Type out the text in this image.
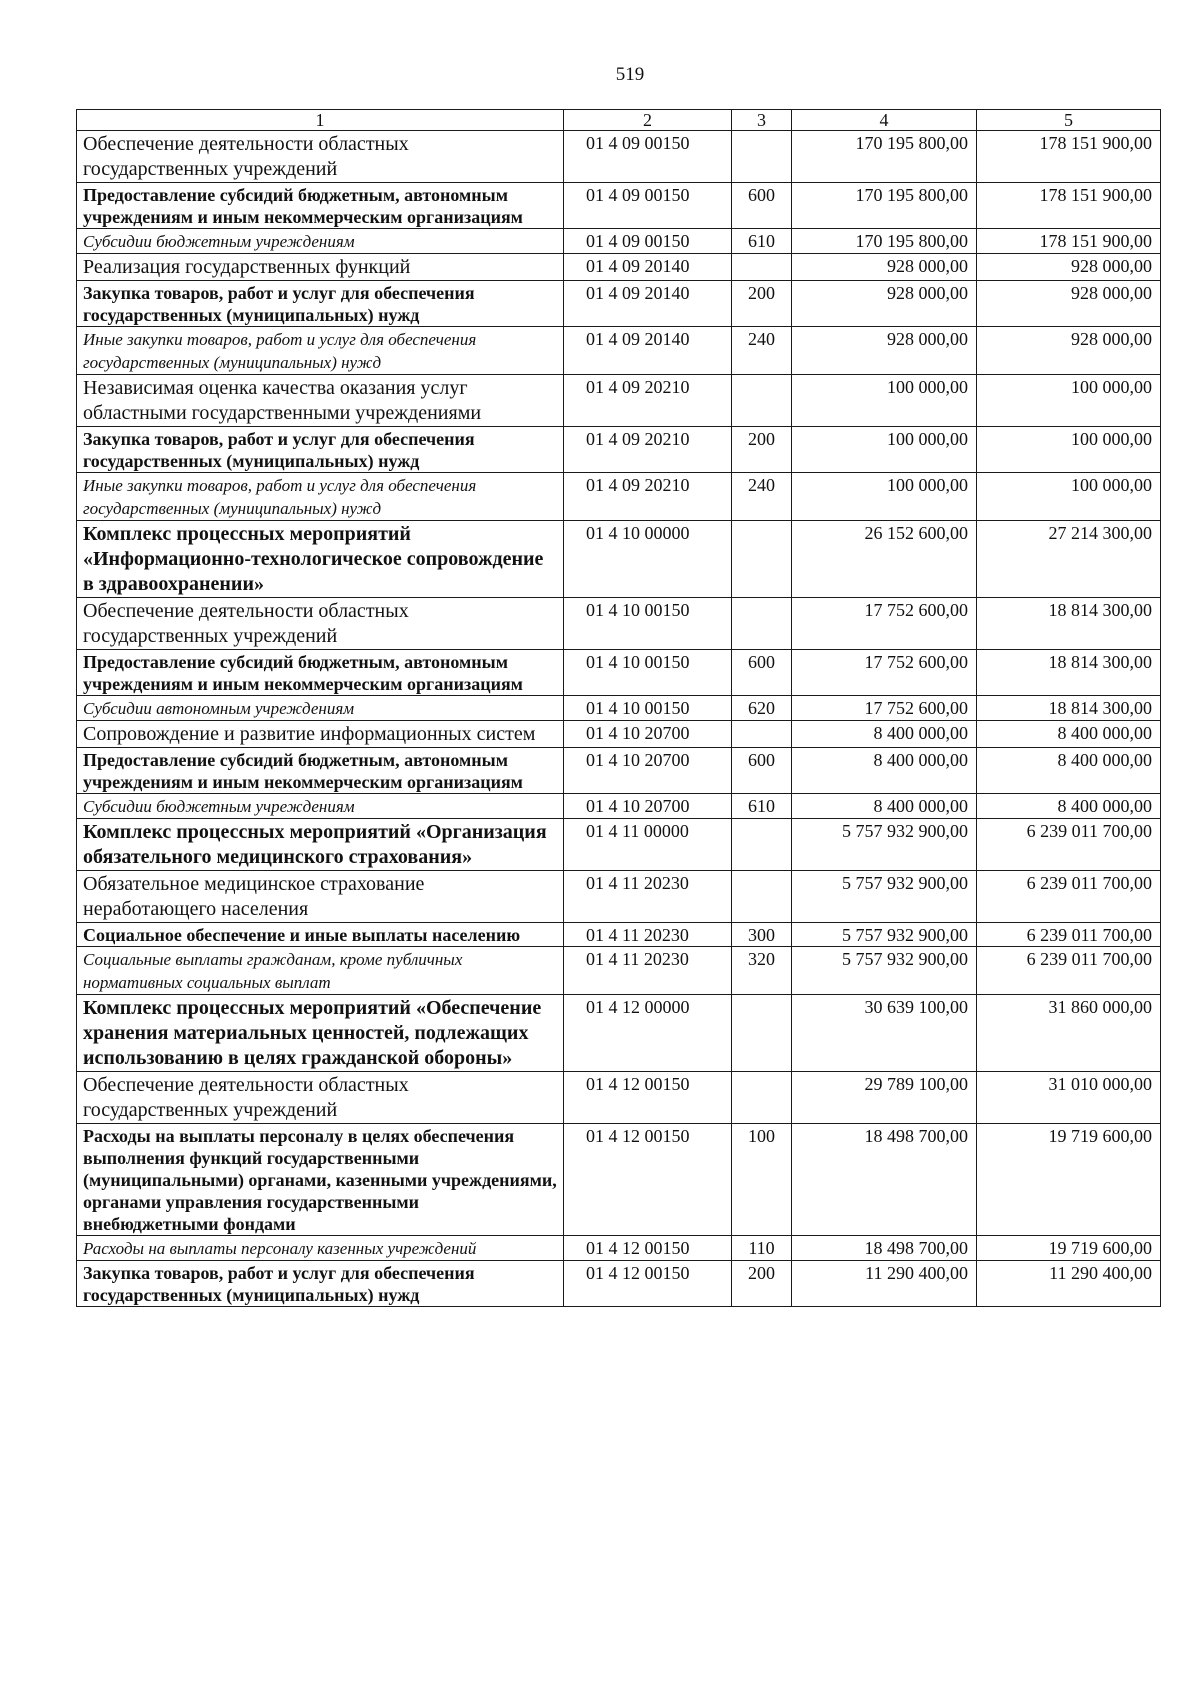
519
1	2	3	4	5
Обеспечение деятельности областных государственных учреждений	01 4 09 00150		170 195 800,00	178 151 900,00
Предоставление субсидий бюджетным, автономным учреждениям и иным некоммерческим организациям	01 4 09 00150	600	170 195 800,00	178 151 900,00
Субсидии бюджетным учреждениям	01 4 09 00150	610	170 195 800,00	178 151 900,00
Реализация государственных функций	01 4 09 20140		928 000,00	928 000,00
Закупка товаров, работ и услуг для обеспечения государственных (муниципальных) нужд	01 4 09 20140	200	928 000,00	928 000,00
Иные закупки товаров, работ и услуг для обеспечения государственных (муниципальных) нужд	01 4 09 20140	240	928 000,00	928 000,00
Независимая оценка качества оказания услуг областными государственными учреждениями	01 4 09 20210		100 000,00	100 000,00
Закупка товаров, работ и услуг для обеспечения государственных (муниципальных) нужд	01 4 09 20210	200	100 000,00	100 000,00
Иные закупки товаров, работ и услуг для обеспечения государственных (муниципальных) нужд	01 4 09 20210	240	100 000,00	100 000,00
Комплекс процессных мероприятий «Информационно-технологическое сопровождение в здравоохранении»	01 4 10 00000		26 152 600,00	27 214 300,00
Обеспечение деятельности областных государственных учреждений	01 4 10 00150		17 752 600,00	18 814 300,00
Предоставление субсидий бюджетным, автономным учреждениям и иным некоммерческим организациям	01 4 10 00150	600	17 752 600,00	18 814 300,00
Субсидии автономным учреждениям	01 4 10 00150	620	17 752 600,00	18 814 300,00
Сопровождение и развитие информационных систем	01 4 10 20700		8 400 000,00	8 400 000,00
Предоставление субсидий бюджетным, автономным учреждениям и иным некоммерческим организациям	01 4 10 20700	600	8 400 000,00	8 400 000,00
Субсидии бюджетным учреждениям	01 4 10 20700	610	8 400 000,00	8 400 000,00
Комплекс процессных мероприятий «Организация обязательного медицинского страхования»	01 4 11 00000		5 757 932 900,00	6 239 011 700,00
Обязательное медицинское страхование неработающего населения	01 4 11 20230		5 757 932 900,00	6 239 011 700,00
Социальное обеспечение и иные выплаты населению	01 4 11 20230	300	5 757 932 900,00	6 239 011 700,00
Социальные выплаты гражданам, кроме публичных нормативных социальных выплат	01 4 11 20230	320	5 757 932 900,00	6 239 011 700,00
Комплекс процессных мероприятий «Обеспечение хранения материальных ценностей, подлежащих использованию в целях гражданской обороны»	01 4 12 00000		30 639 100,00	31 860 000,00
Обеспечение деятельности областных государственных учреждений	01 4 12 00150		29 789 100,00	31 010 000,00
Расходы на выплаты персоналу в целях обеспечения выполнения функций государственными (муниципальными) органами, казенными учреждениями, органами управления государственными внебюджетными фондами	01 4 12 00150	100	18 498 700,00	19 719 600,00
Расходы на выплаты персоналу казенных учреждений	01 4 12 00150	110	18 498 700,00	19 719 600,00
Закупка товаров, работ и услуг для обеспечения государственных (муниципальных) нужд	01 4 12 00150	200	11 290 400,00	11 290 400,00
